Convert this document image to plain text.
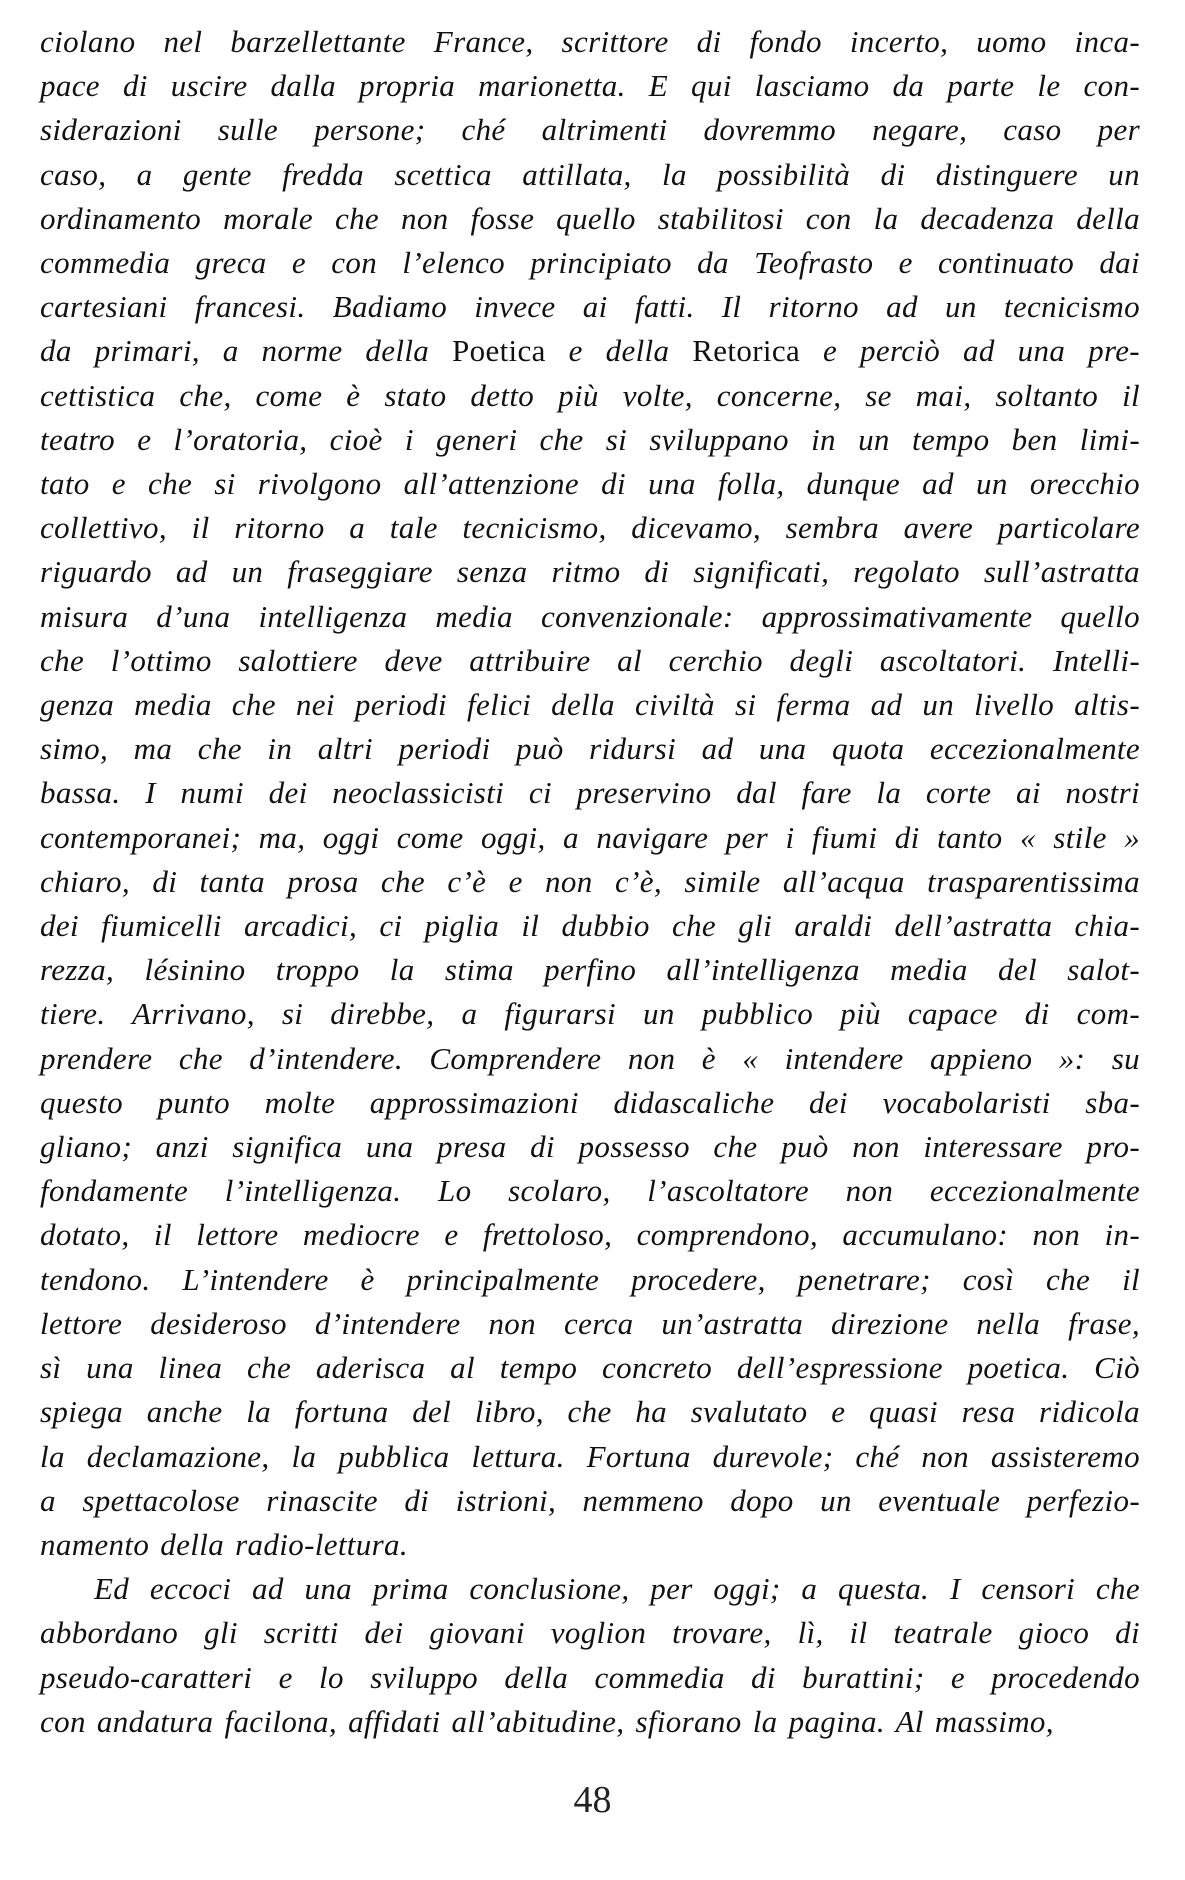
ciolano nel barzellettante France, scrittore di fondo incerto, uomo inca-
pace di uscire dalla propria marionetta. E qui lasciamo da parte le con-
siderazioni sulle persone; ché altrimenti dovremmo negare, caso per
caso, a gente fredda scettica attillata, la possibilità di distinguere un
ordinamento morale che non fosse quello stabilitosi con la decadenza della
commedia greca e con l’elenco principiato da Teofrasto e continuato dai
cartesiani francesi. Badiamo invece ai fatti. Il ritorno ad un tecnicismo
da primari, a norme della Poetica e della Retorica e perciò ad una pre-
cettistica che, come è stato detto più volte, concerne, se mai, soltanto il
teatro e l’oratoria, cioè i generi che si sviluppano in un tempo ben limi-
tato e che si rivolgono all’attenzione di una folla, dunque ad un orecchio
collettivo, il ritorno a tale tecnicismo, dicevamo, sembra avere particolare
riguardo ad un fraseggiare senza ritmo di significati, regolato sull’astratta
misura d’una intelligenza media convenzionale: approssimativamente quello
che l’ottimo salottiere deve attribuire al cerchio degli ascoltatori. Intelli-
genza media che nei periodi felici della civiltà si ferma ad un livello altis-
simo, ma che in altri periodi può ridursi ad una quota eccezionalmente
bassa. I numi dei neoclassicisti ci preservino dal fare la corte ai nostri
contemporanei; ma, oggi come oggi, a navigare per i fiumi di tanto « stile »
chiaro, di tanta prosa che c’è e non c’è, simile all’acqua trasparentissima
dei fiumicelli arcadici, ci piglia il dubbio che gli araldi dell’astratta chia-
rezza, lésinino troppo la stima perfino all’intelligenza media del salot-
tiere. Arrivano, si direbbe, a figurarsi un pubblico più capace di com-
prendere che d’intendere. Comprendere non è « intendere appieno »: su
questo punto molte approssimazioni didascaliche dei vocabolaristi sba-
gliano; anzi significa una presa di possesso che può non interessare pro-
fondamente l’intelligenza. Lo scolaro, l’ascoltatore non eccezionalmente
dotato, il lettore mediocre e frettoloso, comprendono, accumulano: non in-
tendono. L’intendere è principalmente procedere, penetrare; così che il
lettore desideroso d’intendere non cerca un’astratta direzione nella frase,
sì una linea che aderisca al tempo concreto dell’espressione poetica. Ciò
spiega anche la fortuna del libro, che ha svalutato e quasi resa ridicola
la declamazione, la pubblica lettura. Fortuna durevole; ché non assisteremo
a spettacolose rinascite di istrioni, nemmeno dopo un eventuale perfezio-
namento della radio-lettura.

Ed eccoci ad una prima conclusione, per oggi; a questa. I censori che
abbordano gli scritti dei giovani voglion trovare, lì, il teatrale gioco di
pseudo-caratteri e lo sviluppo della commedia di burattini; e procedendo
con andatura facilona, affidati all’abitudine, sfiorano la pagina. Al massimo,

48
